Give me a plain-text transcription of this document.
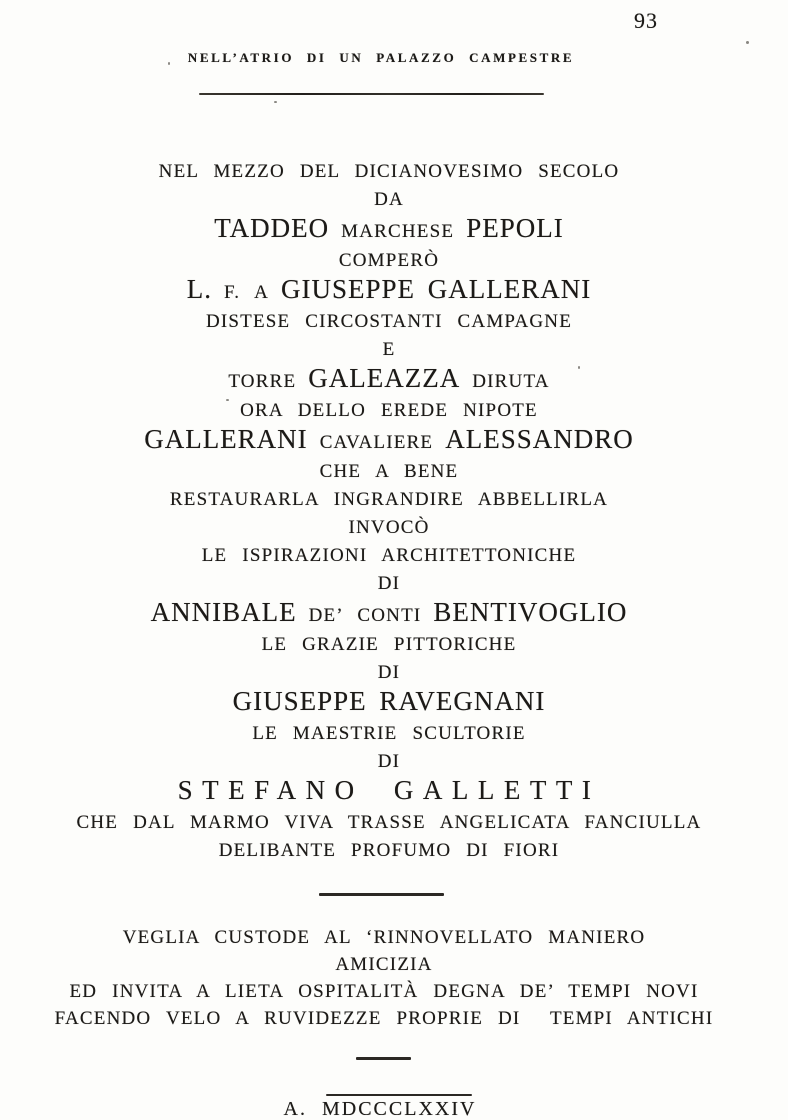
93
NELL’ATRIO DI UN PALAZZO CAMPESTRE
NEL MEZZO DEL DICIANOVESIMO SECOLO
DA
TADDEO MARCHESE PEPOLI
COMPERÒ
L. F. A GIUSEPPE GALLERANI
DISTESE CIRCOSTANTI CAMPAGNE
E
TORRE GALEAZZA DIRUTA
ORA DELLO EREDE NIPOTE
GALLERANI CAVALIERE ALESSANDRO
CHE A BENE
RESTAURARLA INGRANDIRE ABBELLIRLA
INVOCÒ
LE ISPIRAZIONI ARCHITETTONICHE
DI
ANNIBALE DE’ CONTI BENTIVOGLIO
LE GRAZIE PITTORICHE
DI
GIUSEPPE RAVEGNANI
LE MAESTRIE SCULTORIE
DI
STEFANO GALLETTI
CHE DAL MARMO VIVA TRASSE ANGELICATA FANCIULLA
DELIBANTE PROFUMO DI FIORI
VEGLIA CUSTODE AL ‘RINNOVELLATO MANIERO
AMICIZIA
ED INVITA A LIETA OSPITALITÀ DEGNA DE’ TEMPI NOVI
FACENDO VELO A RUVIDEZZE PROPRIE DI  TEMPI ANTICHI
A. MDCCCLXXIV
